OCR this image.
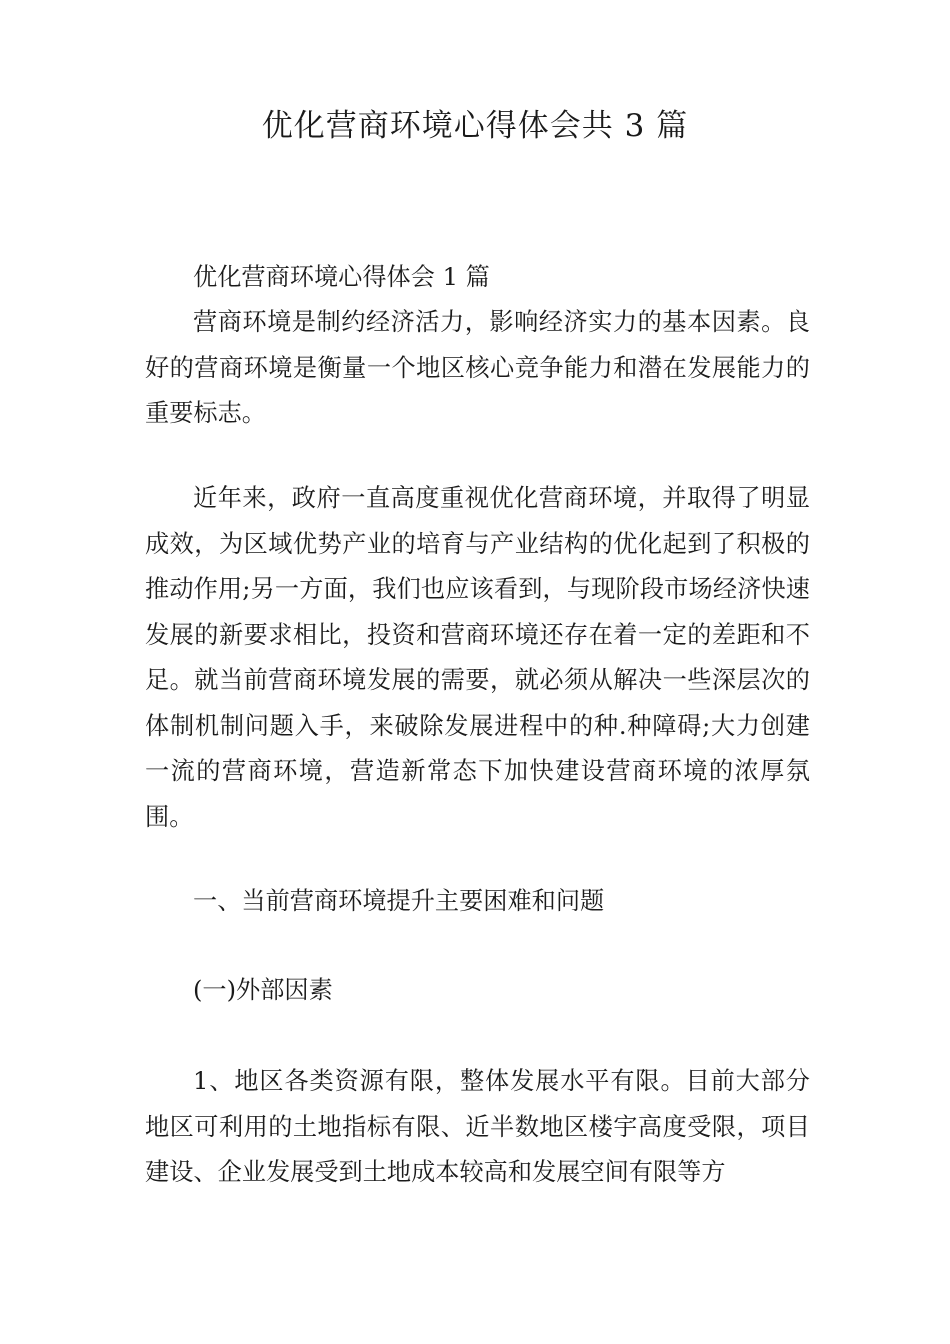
优化营商环境心得体会共 3 篇

优化营商环境心得体会 1 篇

营商环境是制约经济活力，影响经济实力的基本因素。良好的营商环境是衡量一个地区核心竞争能力和潜在发展能力的重要标志。

近年来，政府一直高度重视优化营商环境，并取得了明显成效，为区域优势产业的培育与产业结构的优化起到了积极的推动作用;另一方面，我们也应该看到，与现阶段市场经济快速发展的新要求相比，投资和营商环境还存在着一定的差距和不足。就当前营商环境发展的需要，就必须从解决一些深层次的体制机制问题入手，来破除发展进程中的种.种障碍;大力创建一流的营商环境，营造新常态下加快建设营商环境的浓厚氛围。

一、当前营商环境提升主要困难和问题

(一)外部因素

1、地区各类资源有限，整体发展水平有限。目前大部分地区可利用的土地指标有限、近半数地区楼宇高度受限，项目建设、企业发展受到土地成本较高和发展空间有限等方
